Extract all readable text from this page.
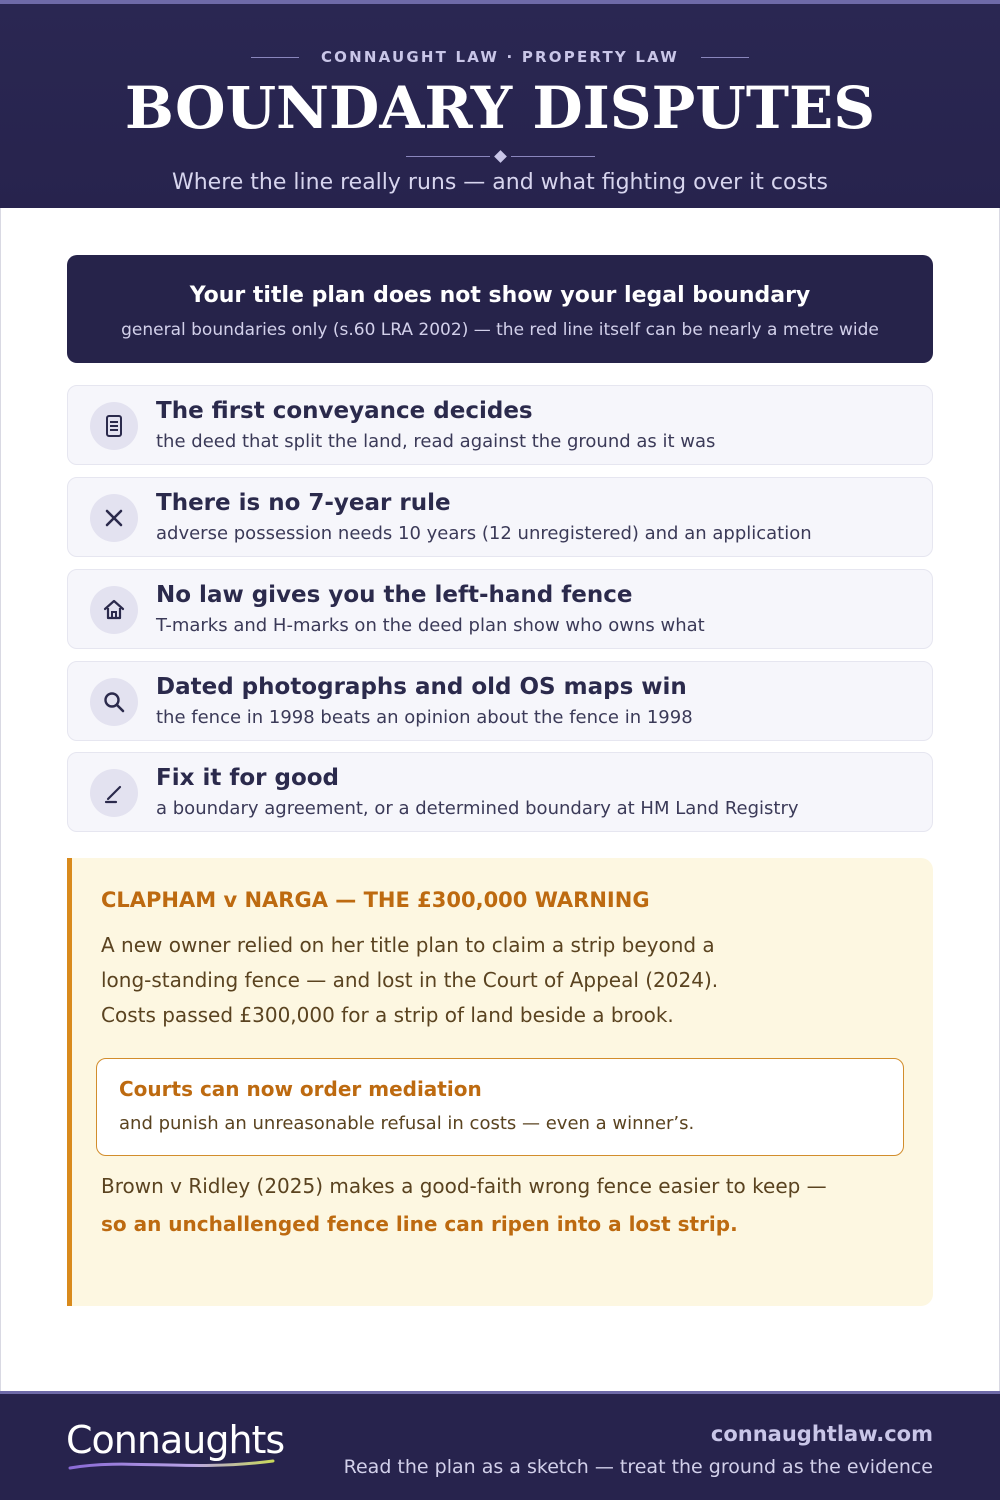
CONNAUGHT LAW · PROPERTY LAW
BOUNDARY DISPUTES
Where the line really runs — and what fighting over it costs
Your title plan does not show your legal boundary
general boundaries only (s.60 LRA 2002) — the red line itself can be nearly a metre wide
The first conveyance decides
the deed that split the land, read against the ground as it was
There is no 7-year rule
adverse possession needs 10 years (12 unregistered) and an application
No law gives you the left-hand fence
T-marks and H-marks on the deed plan show who owns what
Dated photographs and old OS maps win
the fence in 1998 beats an opinion about the fence in 1998
Fix it for good
a boundary agreement, or a determined boundary at HM Land Registry
CLAPHAM v NARGA — THE £300,000 WARNING
A new owner relied on her title plan to claim a strip beyond a
long-standing fence — and lost in the Court of Appeal (2024).
Costs passed £300,000 for a strip of land beside a brook.
Courts can now order mediation
and punish an unreasonable refusal in costs — even a winner’s.
Brown v Ridley (2025) makes a good-faith wrong fence easier to keep —
so an unchallenged fence line can ripen into a lost strip.
Connaughts	connaughtlaw.com
Read the plan as a sketch — treat the ground as the evidence
